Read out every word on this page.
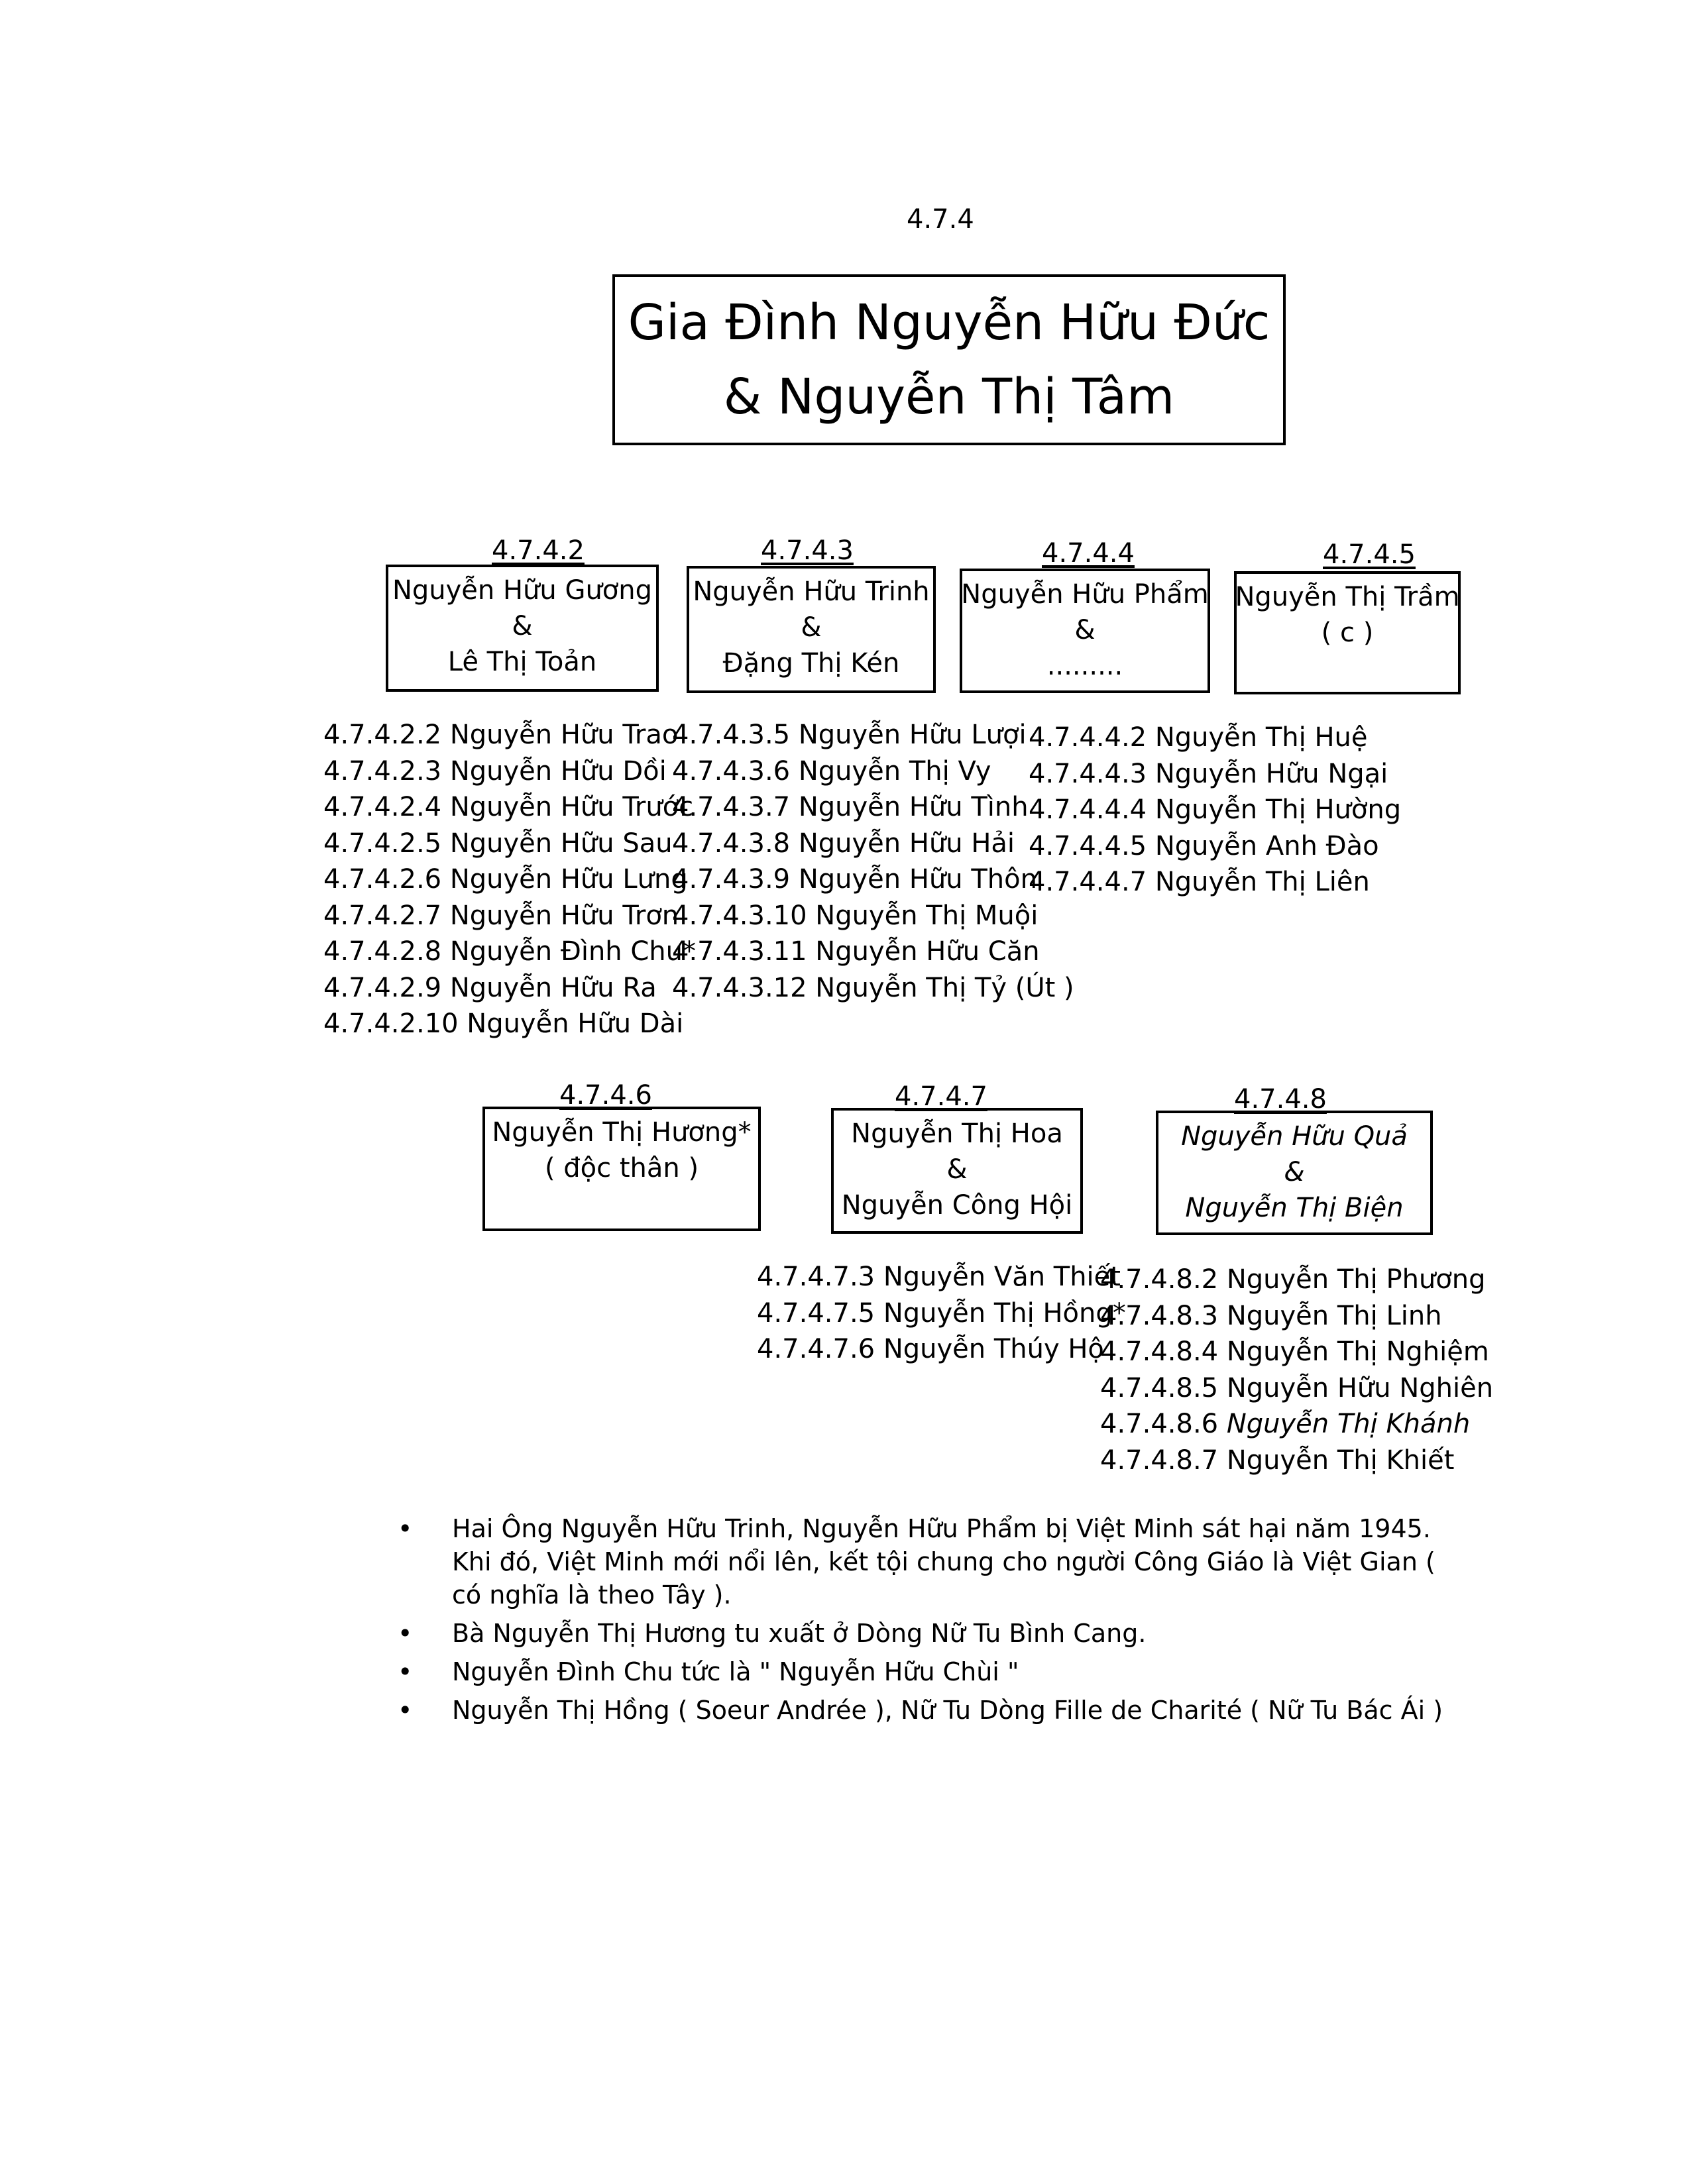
4.7.4
Gia Đình Nguyễn Hữu Đức
& Nguyễn Thị Tâm
4.7.4.2	4.7.4.3	4.7.4.4	4.7.4.5
Nguyễn Hữu Gương
&
Lê Thị Toản
Nguyễn Hữu Trinh
&
Đặng Thị Kén
Nguyễn Hữu Phẩm
&
.........
Nguyễn Thị Trầm
( c )
4.7.4.2.2 Nguyễn Hữu Trao
4.7.4.2.3 Nguyễn Hữu Dồi
4.7.4.2.4 Nguyễn Hữu Trước
4.7.4.2.5 Nguyễn Hữu Sau
4.7.4.2.6 Nguyễn Hữu Lưng
4.7.4.2.7 Nguyễn Hữu Trơn
4.7.4.2.8 Nguyễn Đình Chu*
4.7.4.2.9 Nguyễn Hữu Ra
4.7.4.2.10 Nguyễn Hữu Dài
4.7.4.3.5 Nguyễn Hữu Lượi
4.7.4.3.6 Nguyễn Thị Vy
4.7.4.3.7 Nguyễn Hữu Tình
4.7.4.3.8 Nguyễn Hữu Hải
4.7.4.3.9 Nguyễn Hữu Thôn
4.7.4.3.10 Nguyễn Thị Muội
4.7.4.3.11 Nguyễn Hữu Căn
4.7.4.3.12 Nguyễn Thị Tỷ (Út )
4.7.4.4.2 Nguyễn Thị Huệ
4.7.4.4.3 Nguyễn Hữu Ngại
4.7.4.4.4 Nguyễn Thị Hường
4.7.4.4.5 Nguyễn Anh Đào
4.7.4.4.7 Nguyễn Thị Liên
4.7.4.6	4.7.4.7	4.7.4.8
Nguyễn Thị Hương*
( độc thân )
Nguyễn Thị Hoa
&
Nguyễn Công Hội
Nguyễn Hữu Quả
&
Nguyễn Thị Biện
4.7.4.7.3 Nguyễn Văn Thiết
4.7.4.7.5 Nguyễn Thị Hồng*
4.7.4.7.6 Nguyễn Thúy Hộ
4.7.4.8.2 Nguyễn Thị Phương
4.7.4.8.3 Nguyễn Thị Linh
4.7.4.8.4 Nguyễn Thị Nghiệm
4.7.4.8.5 Nguyễn Hữu Nghiên
4.7.4.8.6 Nguyễn Thị Khánh
4.7.4.8.7 Nguyễn Thị Khiết
• Hai Ông Nguyễn Hữu Trinh, Nguyễn Hữu Phẩm bị Việt Minh sát hại năm 1945. Khi đó, Việt Minh mới nổi lên, kết tội chung cho người Công Giáo là Việt Gian ( có nghĩa là theo Tây ).
• Bà Nguyễn Thị Hương tu xuất ở Dòng Nữ Tu Bình Cang.
• Nguyễn Đình Chu tức là " Nguyễn Hữu Chùi "
• Nguyễn Thị Hồng ( Soeur Andrée ), Nữ Tu Dòng Fille de Charité ( Nữ Tu Bác Ái )
